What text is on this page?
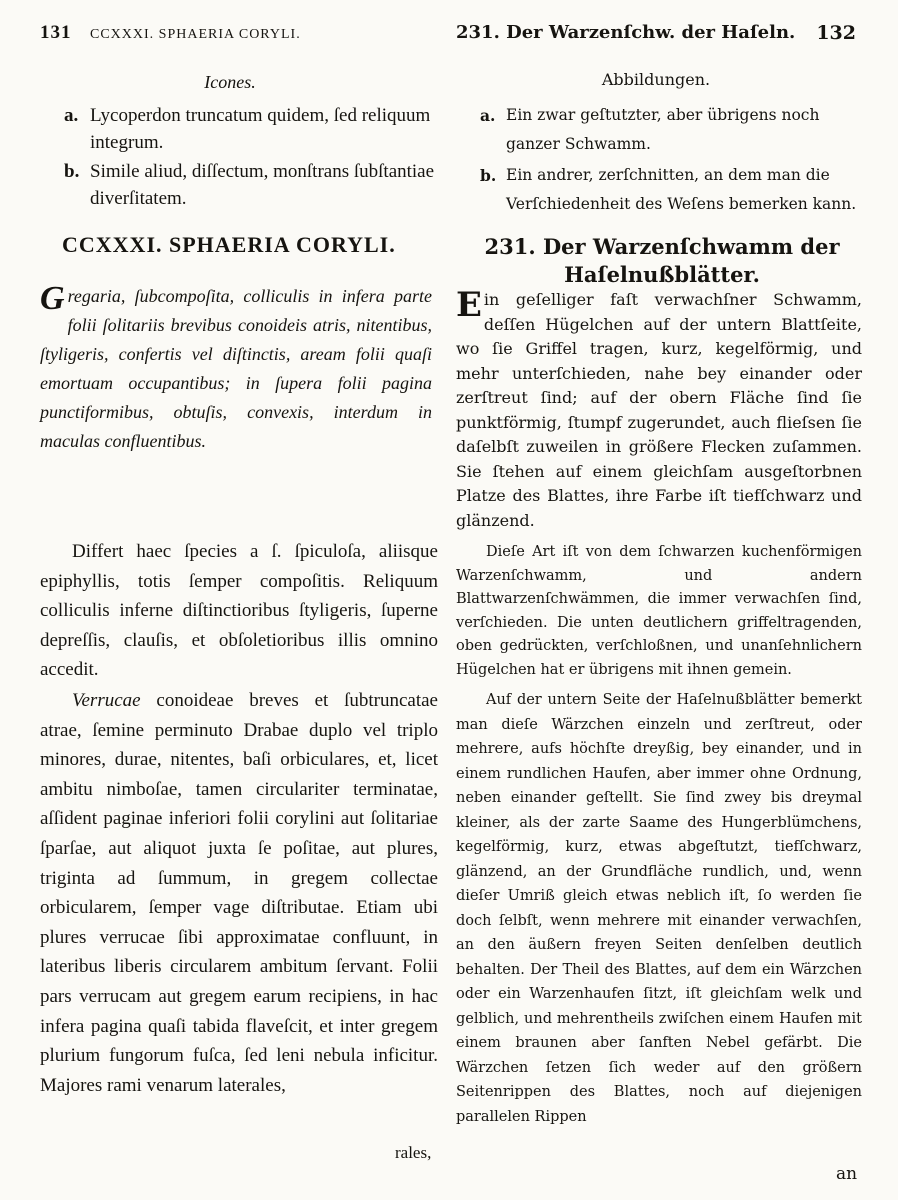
131 CCXXXI. SPHAERIA CORYLI.
Icones.
a. Lycoperdon truncatum quidem, ſed reliquum integrum.
b. Simile aliud, diſſectum, monſtrans ſubſtantiae diverſitatem.
CCXXXI. SPHAERIA CORYLI.
Gregaria, ſubcompoſita, colliculis in infera parte folii ſolitariis brevibus conoideis atris, nitentibus, ſtyligeris, confertis vel diſtinctis, aream folii quaſi emortuam occupantibus; in ſupera folii pagina punctiformibus, obtuſis, convexis, interdum in maculas confluentibus.
Differt haec ſpecies a ſ. ſpiculoſa, aliisque epiphyllis, totis ſemper compoſitis. Reliquum colliculis inferne diſtinctioribus ſtyligeris, ſuperne depreſſis, clauſis, et obſoletioribus illis omnino accedit.
Verrucae conoideae breves et ſubtruncatae atrae, ſemine perminuto Drabae duplo vel triplo minores, durae, nitentes, baſi orbiculares, et, licet ambitu nimboſae, tamen circulariter terminatae, aſſident paginae inferiori folii corylini aut ſolitariae ſparſae, aut aliquot juxta ſe poſitae, aut plures, triginta ad ſummum, in gregem collectae orbicularem, ſemper vage diſtributae. Etiam ubi plures verrucae ſibi approximatae confluunt, in lateribus liberis circularem ambitum ſervant. Folii pars verrucam aut gregem earum recipiens, in hac infera pagina quaſi tabida flaveſcit, et inter gregem plurium fungorum fuſca, ſed leni nebula inficitur. Majores rami venarum laterales,
rales,
231. Der Warzenſchw. der Haſeln. 132
Abbildungen.
a. Ein zwar geſtutzter, aber übrigens noch ganzer Schwamm.
b. Ein andrer, zerſchnitten, an dem man die Verſchiedenheit des Weſens bemerken kann.
231. Der Warzenſchwamm der Haſelnußblätter.
Ein geſelliger faſt verwachſner Schwamm, deſſen Hügelchen auf der untern Blattſeite, wo ſie Griffel tragen, kurz, kegelförmig, und mehr unterſchieden, nahe bey einander oder zerſtreut ſind; auf der obern Fläche ſind ſie punktförmig, ſtumpf zugerundet, auch flieſsen ſie daſelbſt zuweilen in größere Flecken zuſammen. Sie ſtehen auf einem gleichſam ausgeſtorbnen Platze des Blattes, ihre Farbe iſt tiefſchwarz und glänzend.
Dieſe Art iſt von dem ſchwarzen kuchenförmigen Warzenſchwamm, und andern Blattwarzenſchwämmen, die immer verwachſen ſind, verſchieden. Die unten deutlichern griffeltragenden, oben gedrückten, verſchloßnen, und unanſehnlichern Hügelchen hat er übrigens mit ihnen gemein.
Auf der untern Seite der Haſelnußblätter bemerkt man dieſe Wärzchen einzeln und zerſtreut, oder mehrere, aufs höchſte dreyßig, bey einander, und in einem rundlichen Haufen, aber immer ohne Ordnung, neben einander geſtellt. Sie ſind zwey bis dreymal kleiner, als der zarte Saame des Hungerblümchens, kegelförmig, kurz, etwas abgeſtutzt, tiefſchwarz, glänzend, an der Grundfläche rundlich, und, wenn dieſer Umriß gleich etwas neblich iſt, ſo werden ſie doch ſelbſt, wenn mehrere mit einander verwachſen, an den äußern freyen Seiten denſelben deutlich behalten. Der Theil des Blattes, auf dem ein Wärzchen oder ein Warzenhaufen ſitzt, iſt gleichſam welk und gelblich, und mehrentheils zwiſchen einem Haufen mit einem braunen aber ſanften Nebel gefärbt. Die Wärzchen ſetzen ſich weder auf den größern Seitenrippen des Blattes, noch auf diejenigen parallelen Rippen
an
